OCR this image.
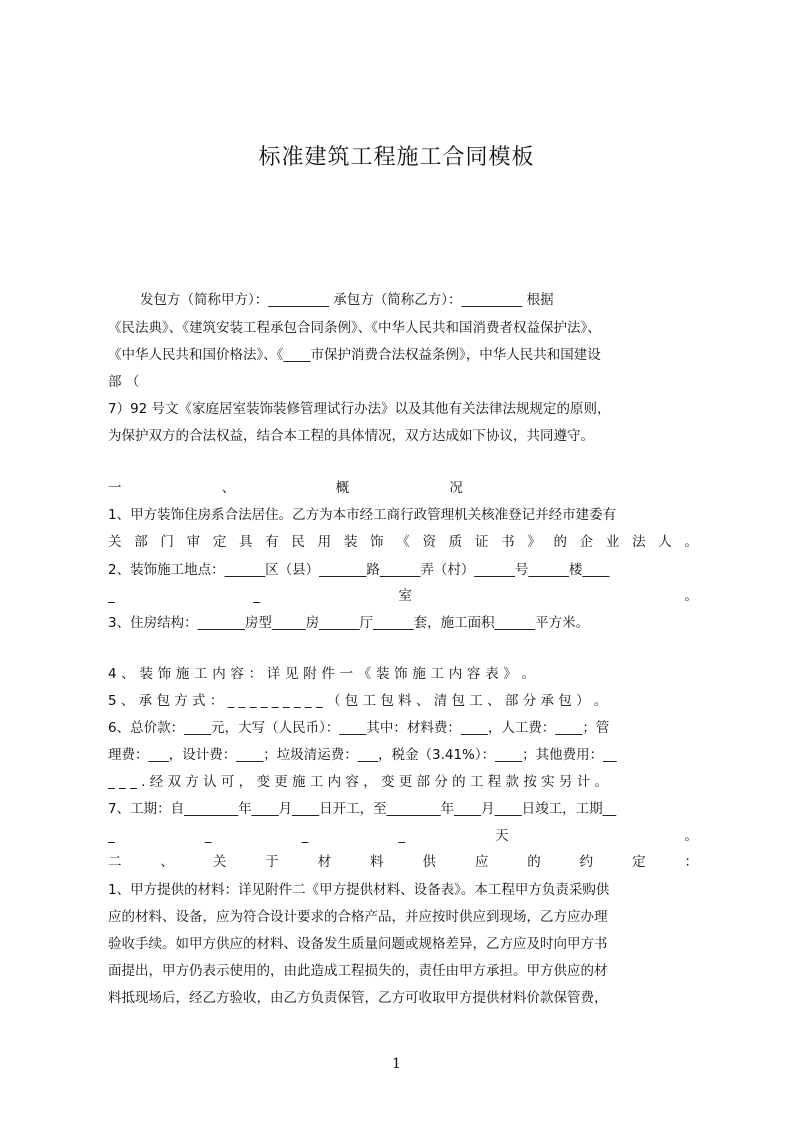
标准建筑工程施工合同模板
发包方（简称甲方）：_________ 承包方（简称乙方）：_________ 根据
《民法典》、《建筑安装工程承包合同条例》、《中华人民共和国消费者权益保护法》、
《中华人民共和国价格法》、《____市保护消费合法权益条例》，中华人民共和国建设
部 （
7）92 号文《家庭居室装饰装修管理试行办法》以及其他有关法律法规规定的原则，
为保护双方的合法权益，结合本工程的具体情况，双方达成如下协议，共同遵守。
一 、 概 况
1、甲方装饰住房系合法居住。乙方为本市经工商行政管理机关核准登记并经市建委有
关部门审定具有民用装饰《资质证书》的企业法人。
2、装饰施工地点：______区（县）_______路______弄（村）______号______楼____
_ _ 室 。
3、住房结构：_______房型_____房______厅______套，施工面积______平方米。
4 、 装 饰 施 工 内 容 ： 详 见 附 件 一 《 装 饰 施 工 内 容 表 》 。
5 、 承 包 方 式 ： _ _ _ _ _ _ _ _ _ （ 包 工 包 料 、 清 包 工 、 部 分 承 包 ） 。
6、总价款：____元，大写（人民币）：____其中：材料费：____，人工费：____；管
理费：___，设计费：____；垃圾清运费：___，税金（3.41%）：____；其他费用：__
_ _ _ . 经 双 方 认 可 ， 变 更 施 工 内 容 ， 变 更 部 分 的 工 程 款 按 实 另 计 。
7、工期：自________年____月____日开工，至________年____月____日竣工，工期__
_ _ _ _ 天 。
二 、 关 于 材 料 供 应 的 约 定 ：
1、甲方提供的材料：详见附件二《甲方提供材料、设备表》。本工程甲方负责采购供
应的材料、设备，应为符合设计要求的合格产品，并应按时供应到现场，乙方应办理
验收手续。如甲方供应的材料、设备发生质量问题或规格差异，乙方应及时向甲方书
面提出，甲方仍表示使用的，由此造成工程损失的，责任由甲方承担。甲方供应的材
料抵现场后，经乙方验收，由乙方负责保管，乙方可收取甲方提供材料价款保管费，
1
